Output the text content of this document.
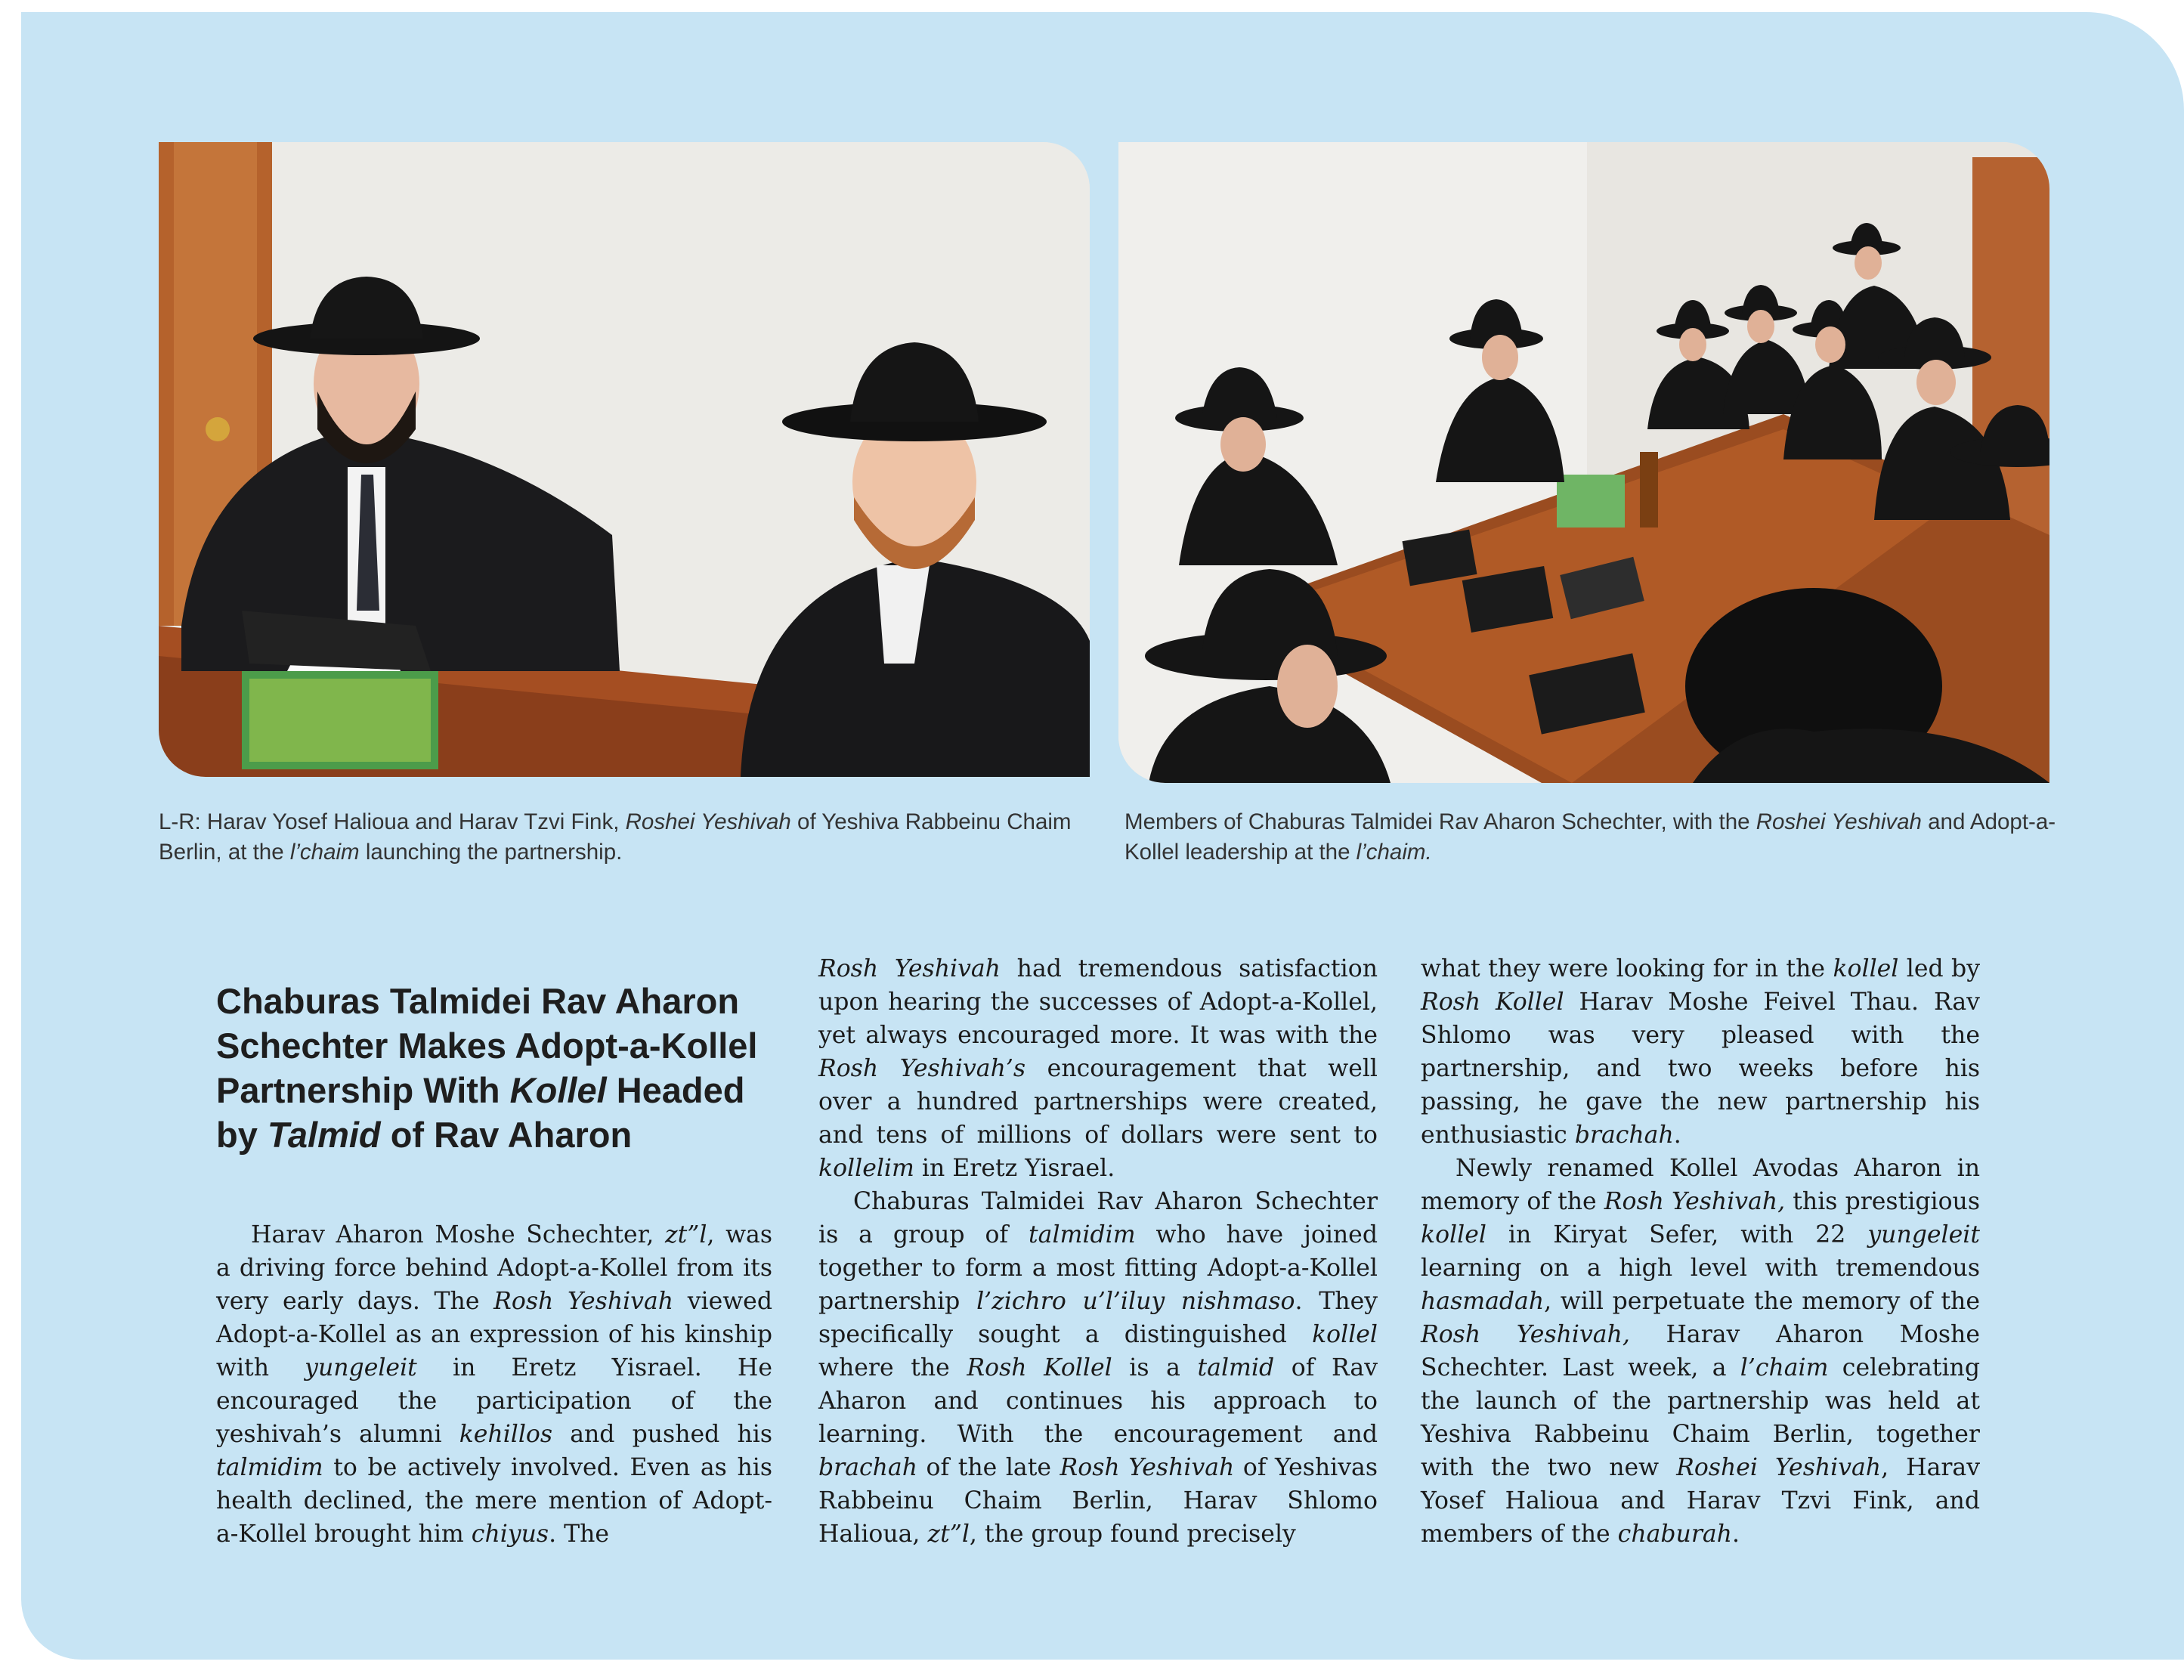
L-R: Harav Yosef Halioua and Harav Tzvi Fink, Roshei Yeshivah of Yeshiva Rabbeinu Chaim Berlin, at the l’chaim launching the partnership.

Members of Chaburas Talmidei Rav Aharon Schechter, with the Roshei Yeshivah and Adopt-a-Kollel leadership at the l’chaim.

Chaburas Talmidei Rav Aharon Schechter Makes Adopt-a-Kollel Partnership With Kollel Headed by Talmid of Rav Aharon

Harav Aharon Moshe Schechter, zt”l, was a driving force behind Adopt-a-Kollel from its very early days. The Rosh Yeshivah viewed Adopt-a-Kollel as an expression of his kinship with yungeleit in Eretz Yisrael. He encouraged the participation of the yeshivah’s alumni kehillos and pushed his talmidim to be actively involved. Even as his health declined, the mere mention of Adopt-a-Kollel brought him chiyus. The

Rosh Yeshivah had tremendous satisfaction upon hearing the successes of Adopt-a-Kollel, yet always encouraged more. It was with the Rosh Yeshivah’s encouragement that well over a hundred partnerships were created, and tens of millions of dollars were sent to kollelim in Eretz Yisrael.

Chaburas Talmidei Rav Aharon Schechter is a group of talmidim who have joined together to form a most fitting Adopt-a-Kollel partnership l’zichro u’l’iluy nishmaso. They specifically sought a distinguished kollel where the Rosh Kollel is a talmid of Rav Aharon and continues his approach to learning. With the encouragement and brachah of the late Rosh Yeshivah of Yeshivas Rabbeinu Chaim Berlin, Harav Shlomo Halioua, zt”l, the group found precisely

what they were looking for in the kollel led by Rosh Kollel Harav Moshe Feivel Thau. Rav Shlomo was very pleased with the partnership, and two weeks before his passing, he gave the new partnership his enthusiastic brachah.

Newly renamed Kollel Avodas Aharon in memory of the Rosh Yeshivah, this prestigious kollel in Kiryat Sefer, with 22 yungeleit learning on a high level with tremendous hasmadah, will perpetuate the memory of the Rosh Yeshivah, Harav Aharon Moshe Schechter. Last week, a l’chaim celebrating the launch of the partnership was held at Yeshiva Rabbeinu Chaim Berlin, together with the two new Roshei Yeshivah, Harav Yosef Halioua and Harav Tzvi Fink, and members of the chaburah.
